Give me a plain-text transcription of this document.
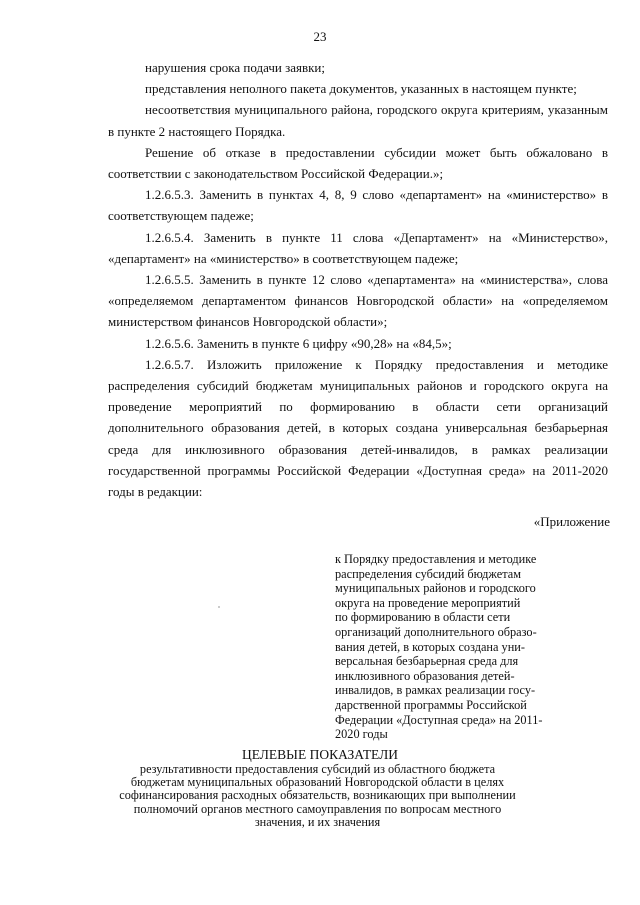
23

нарушения срока подачи заявки;

представления неполного пакета документов, указанных в настоящем пункте;

несоответствия муниципального района, городского округа критериям, указанным в пункте 2 настоящего Порядка.

Решение об отказе в предоставлении субсидии может быть обжаловано в соответствии с законодательством Российской Федерации.»;

1.2.6.5.3. Заменить в пунктах 4, 8, 9 слово «департамент» на «министерство» в соответствующем падеже;

1.2.6.5.4. Заменить в пункте 11 слова «Департамент» на «Министерство», «департамент» на «министерство» в соответствующем падеже;

1.2.6.5.5. Заменить в пункте 12 слово «департамента» на «министерства», слова «определяемом департаментом финансов Новгородской области» на «определяемом министерством финансов Новгородской области»;

1.2.6.5.6. Заменить в пункте 6 цифру «90,28» на «84,5»;

1.2.6.5.7. Изложить приложение к Порядку предоставления и методике распределения субсидий бюджетам муниципальных районов и городского округа на проведение мероприятий по формированию в области сети организаций дополнительного образования детей, в которых создана универсальная безбарьерная среда для инклюзивного образования детей-инвалидов, в рамках реализации государственной программы Российской Федерации «Доступная среда» на 2011-2020 годы в редакции:

«Приложение
к Порядку предоставления и методике
распределения субсидий бюджетам
муниципальных районов и городского
округа на проведение мероприятий
по формированию в области сети
организаций дополнительного образо-
вания детей, в которых создана уни-
версальная безбарьерная среда для
инклюзивного образования детей-
инвалидов, в рамках реализации госу-
дарственной программы Российской
Федерации «Доступная среда» на 2011-
2020 годы
ЦЕЛЕВЫЕ ПОКАЗАТЕЛИ
результативности предоставления субсидий из областного бюджета
бюджетам муниципальных образований Новгородской области в целях
софинансирования расходных обязательств, возникающих при выполнении
полномочий органов местного самоуправления по вопросам местного
значения, и их значения
